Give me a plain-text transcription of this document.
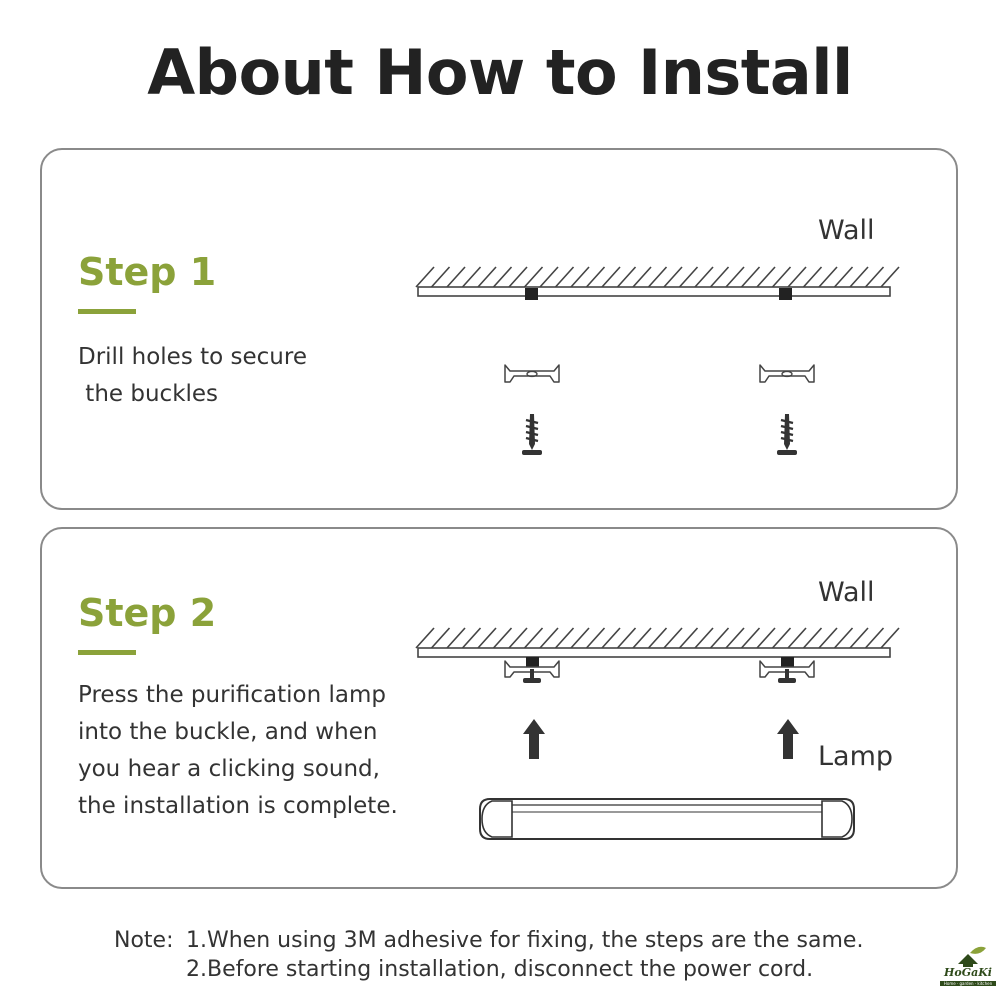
About How to Install
Step 1
Drill holes to secure
the buckles
Wall
Step 2
Press the purification lamp
into the buckle, and when
you hear a clicking sound,
the installation is complete.
Wall
Lamp
Note: 1.When using 3M adhesive for fixing, the steps are the same.
2.Before starting installation, disconnect the power cord.	HoGaKi
Home · garden · kitchen
